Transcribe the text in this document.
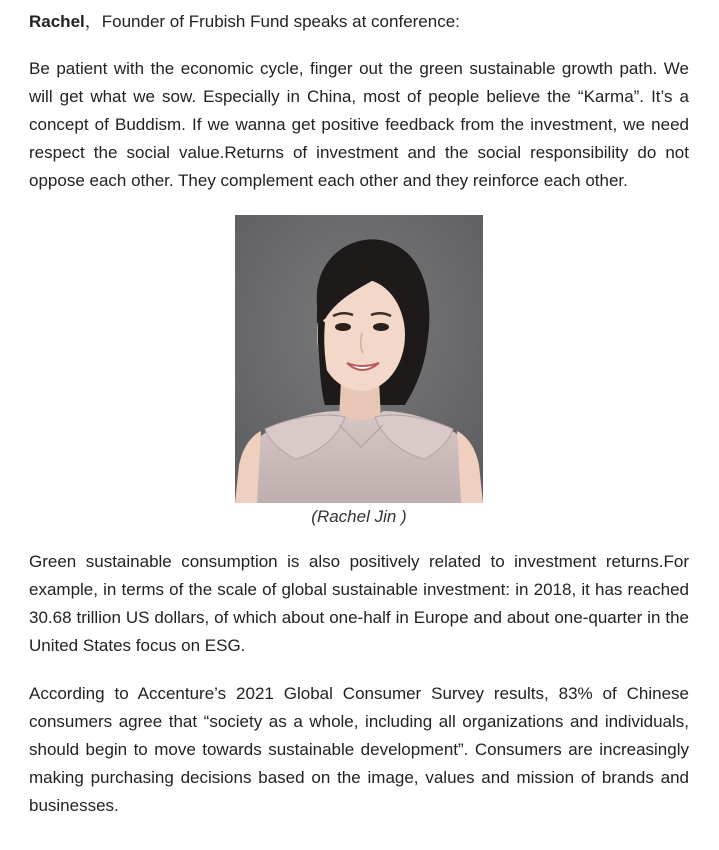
Rachel，Founder of Frubish Fund speaks at conference:

Be patient with the economic cycle, finger out the green sustainable growth path. We will get what we sow. Especially in China, most of people believe the “Karma”. It’s a concept of Buddism. If we wanna get positive feedback from the investment, we need respect the social value.Returns of investment and the social responsibility do not oppose each other. They complement each other and they reinforce each other.

(Rachel Jin )

Green sustainable consumption is also positively related to investment returns.For example, in terms of the scale of global sustainable investment: in 2018, it has reached 30.68 trillion US dollars, of which about one-half in Europe and about one-quarter in the United States focus on ESG.

According to Accenture’s 2021 Global Consumer Survey results, 83% of Chinese consumers agree that “society as a whole, including all organizations and individuals, should begin to move towards sustainable development”. Consumers are increasingly making purchasing decisions based on the image, values and mission of brands and businesses.
